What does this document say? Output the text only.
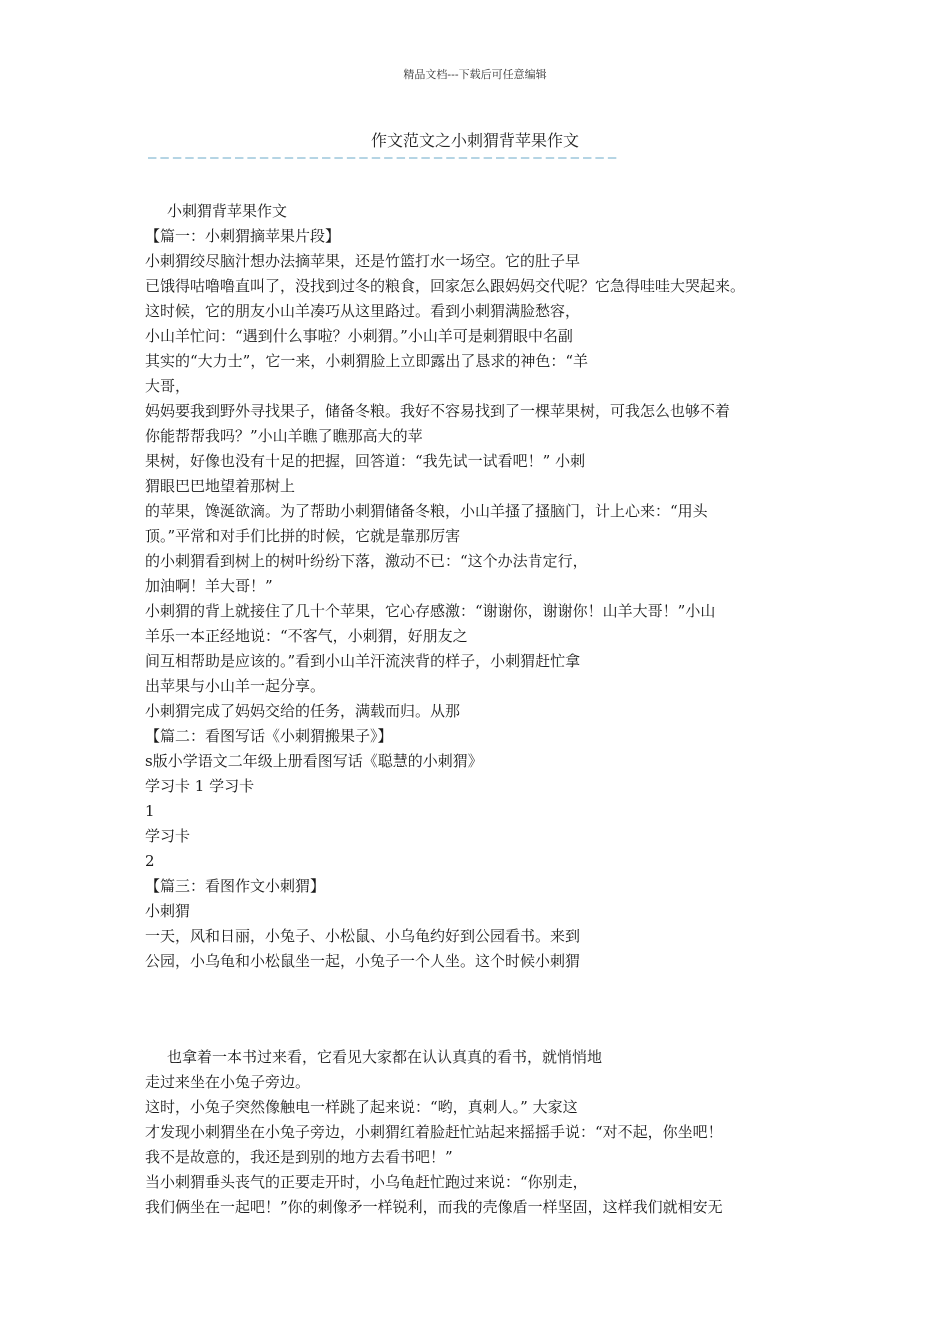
精品文档---下载后可任意编辑
作文范文之小刺猬背苹果作文
——————————————————————————————————————
小刺猬背苹果作文
【篇一：小刺猬摘苹果片段】
小刺猬绞尽脑汁想办法摘苹果，还是竹篮打水一场空。它的肚子早
已饿得咕噜噜直叫了，没找到过冬的粮食，回家怎么跟妈妈交代呢？它急得哇哇大哭起来。
这时候，它的朋友小山羊凑巧从这里路过。看到小刺猬满脸愁容，
小山羊忙问：“遇到什么事啦？小刺猬。”小山羊可是刺猬眼中名副
其实的“大力士”，它一来，小刺猬脸上立即露出了恳求的神色：“羊
大哥，
妈妈要我到野外寻找果子，储备冬粮。我好不容易找到了一棵苹果树，可我怎么也够不着
你能帮帮我吗？”小山羊瞧了瞧那高大的苹
果树，好像也没有十足的把握，回答道：“我先试一试看吧！” 小刺
猬眼巴巴地望着那树上
的苹果，馋涎欲滴。为了帮助小刺猬储备冬粮，小山羊搔了搔脑门，计上心来：“用头
顶。”平常和对手们比拼的时候，它就是靠那厉害
的小刺猬看到树上的树叶纷纷下落，激动不已：“这个办法肯定行，
加油啊！羊大哥！”
小刺猬的背上就接住了几十个苹果，它心存感激：“谢谢你，谢谢你！山羊大哥！”小山
羊乐一本正经地说：“不客气，小刺猬，好朋友之
间互相帮助是应该的。”看到小山羊汗流浃背的样子，小刺猬赶忙拿
出苹果与小山羊一起分享。
小刺猬完成了妈妈交给的任务，满载而归。从那
【篇二：看图写话《小刺猬搬果子》】
s版小学语文二年级上册看图写话《聪慧的小刺猬》
学习卡 1 学习卡
1
学习卡
2
【篇三：看图作文小刺猬】
小刺猬
一天，风和日丽，小兔子、小松鼠、小乌龟约好到公园看书。来到
公园，小乌龟和小松鼠坐一起，小兔子一个人坐。这个时候小刺猬
也拿着一本书过来看，它看见大家都在认认真真的看书，就悄悄地
走过来坐在小兔子旁边。
这时，小兔子突然像触电一样跳了起来说：“哟，真刺人。” 大家这
才发现小刺猬坐在小兔子旁边，小刺猬红着脸赶忙站起来摇摇手说：“对不起，你坐吧！
我不是故意的，我还是到别的地方去看书吧！”
当小刺猬垂头丧气的正要走开时，小乌龟赶忙跑过来说：“你别走，
我们俩坐在一起吧！”你的刺像矛一样锐利，而我的壳像盾一样坚固，这样我们就相安无
